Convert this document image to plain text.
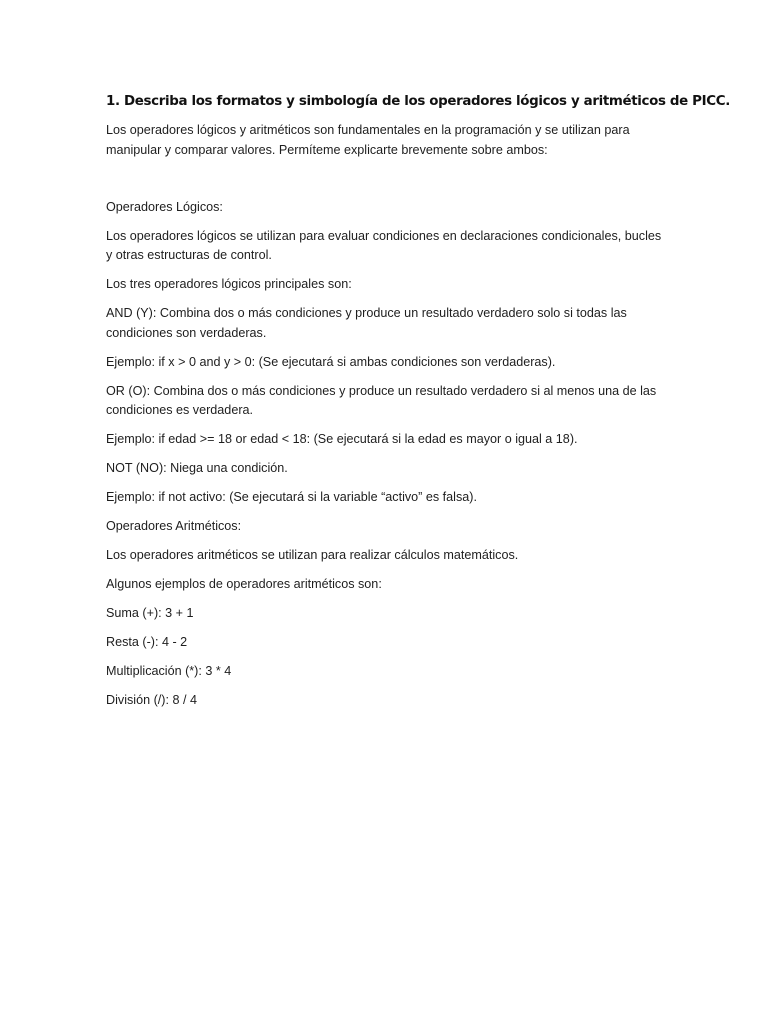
1. Describa los formatos y simbología de los operadores lógicos y aritméticos de PICC.

Los operadores lógicos y aritméticos son fundamentales en la programación y se utilizan para manipular y comparar valores. Permíteme explicarte brevemente sobre ambos:

Operadores Lógicos:

Los operadores lógicos se utilizan para evaluar condiciones en declaraciones condicionales, bucles y otras estructuras de control.

Los tres operadores lógicos principales son:

AND (Y): Combina dos o más condiciones y produce un resultado verdadero solo si todas las condiciones son verdaderas.

Ejemplo: if x > 0 and y > 0: (Se ejecutará si ambas condiciones son verdaderas).

OR (O): Combina dos o más condiciones y produce un resultado verdadero si al menos una de las condiciones es verdadera.

Ejemplo: if edad >= 18 or edad < 18: (Se ejecutará si la edad es mayor o igual a 18).

NOT (NO): Niega una condición.

Ejemplo: if not activo: (Se ejecutará si la variable “activo” es falsa).

Operadores Aritméticos:

Los operadores aritméticos se utilizan para realizar cálculos matemáticos.

Algunos ejemplos de operadores aritméticos son:

Suma (+): 3 + 1

Resta (-): 4 - 2

Multiplicación (*): 3 * 4

División (/): 8 / 4
